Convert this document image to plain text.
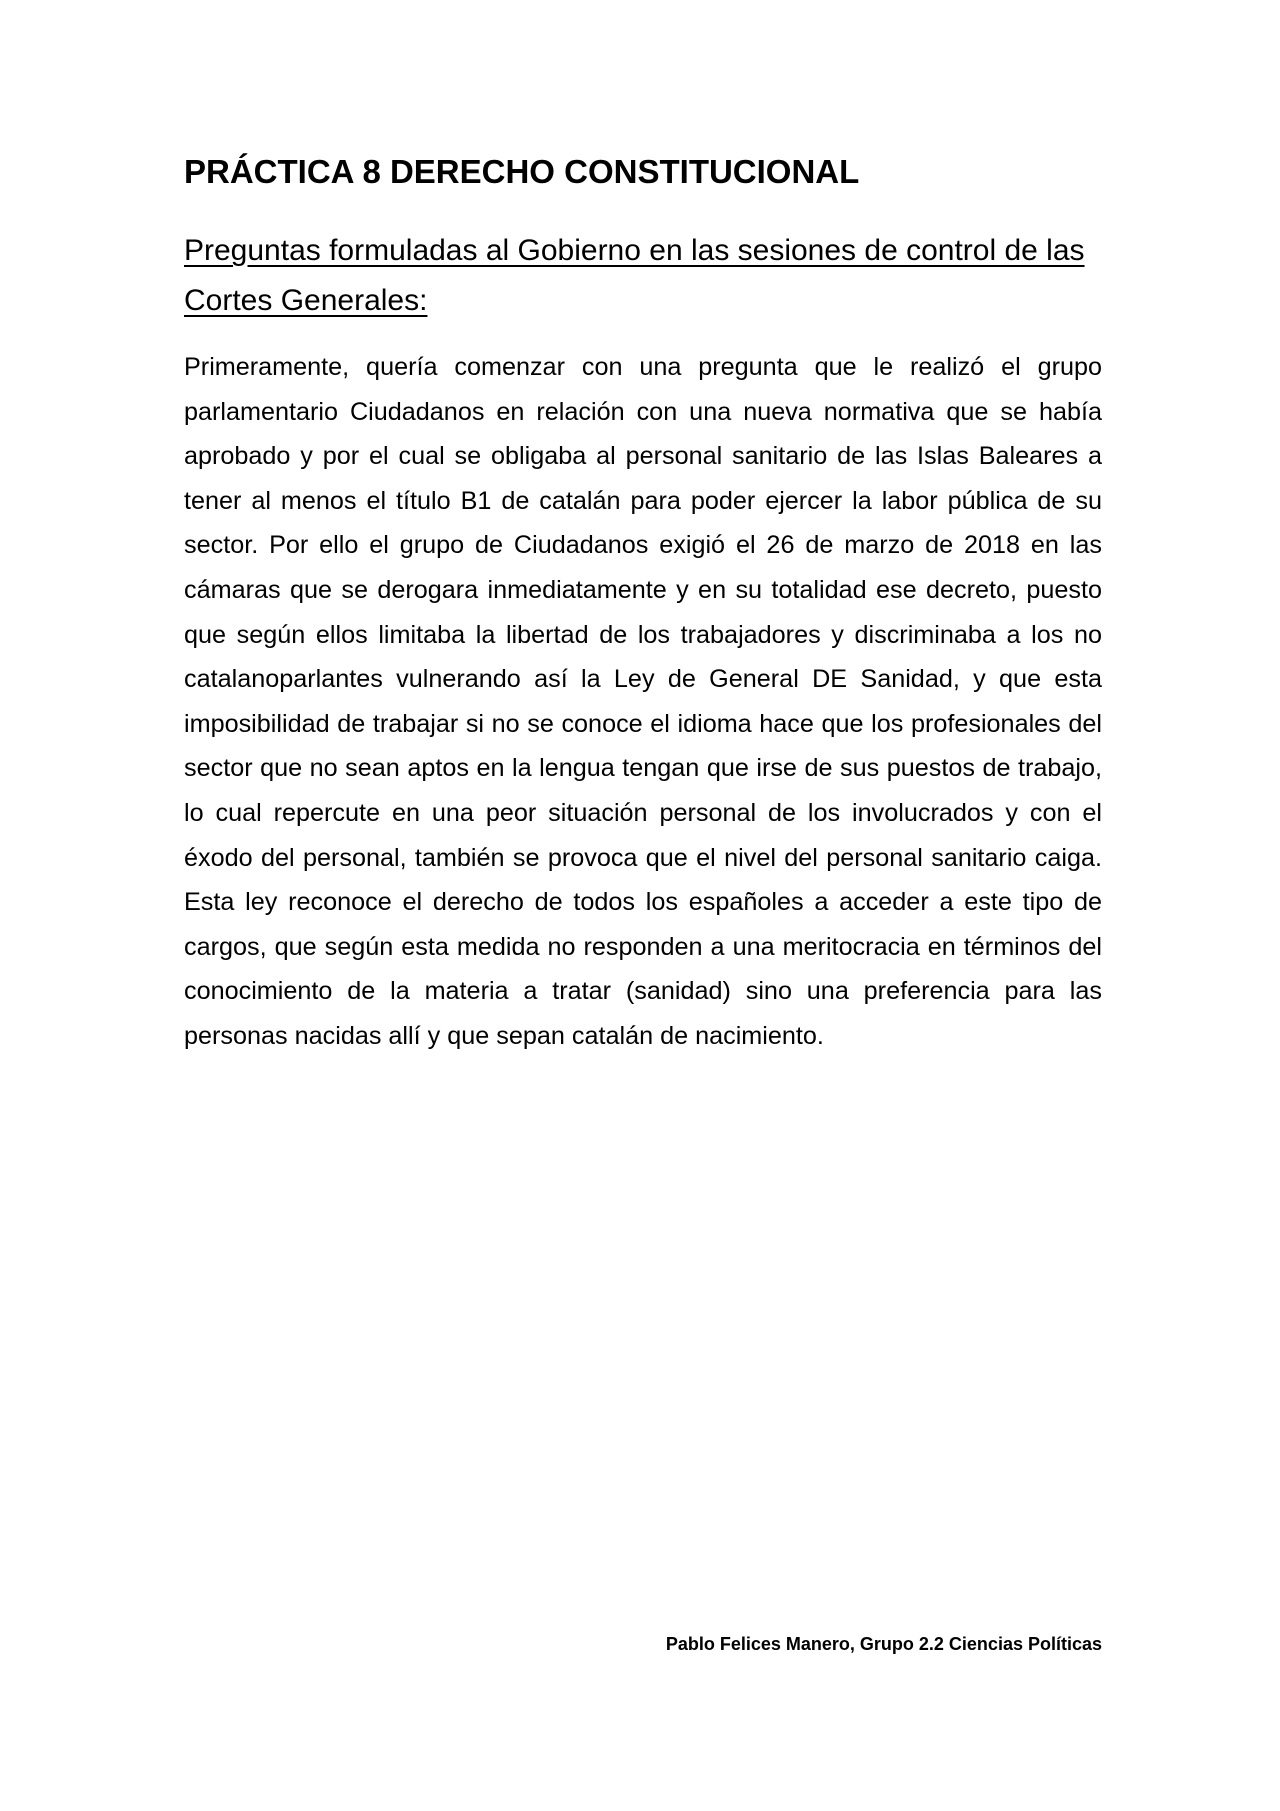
PRÁCTICA 8 DERECHO CONSTITUCIONAL
Preguntas formuladas al Gobierno en las sesiones de control de las Cortes Generales:

Primeramente, quería comenzar con una pregunta que le realizó el grupo parlamentario Ciudadanos en relación con una nueva normativa que se había aprobado y por el cual se obligaba al personal sanitario de las Islas Baleares a tener al menos el título B1 de catalán para poder ejercer la labor pública de su sector. Por ello el grupo de Ciudadanos exigió el 26 de marzo de 2018 en las cámaras que se derogara inmediatamente y en su totalidad ese decreto, puesto que según ellos limitaba la libertad de los trabajadores y discriminaba a los no catalanoparlantes vulnerando así la Ley de General DE Sanidad, y que esta imposibilidad de trabajar si no se conoce el idioma hace que los profesionales del sector que no sean aptos en la lengua tengan que irse de sus puestos de trabajo, lo cual repercute en una peor situación personal de los involucrados y con el éxodo del personal, también se provoca que el nivel del personal sanitario caiga. Esta ley reconoce el derecho de todos los españoles a acceder a este tipo de cargos, que según esta medida no responden a una meritocracia en términos del conocimiento de la materia a tratar (sanidad) sino una preferencia para las personas nacidas allí y que sepan catalán de nacimiento.

Pablo Felices Manero, Grupo 2.2 Ciencias Políticas
